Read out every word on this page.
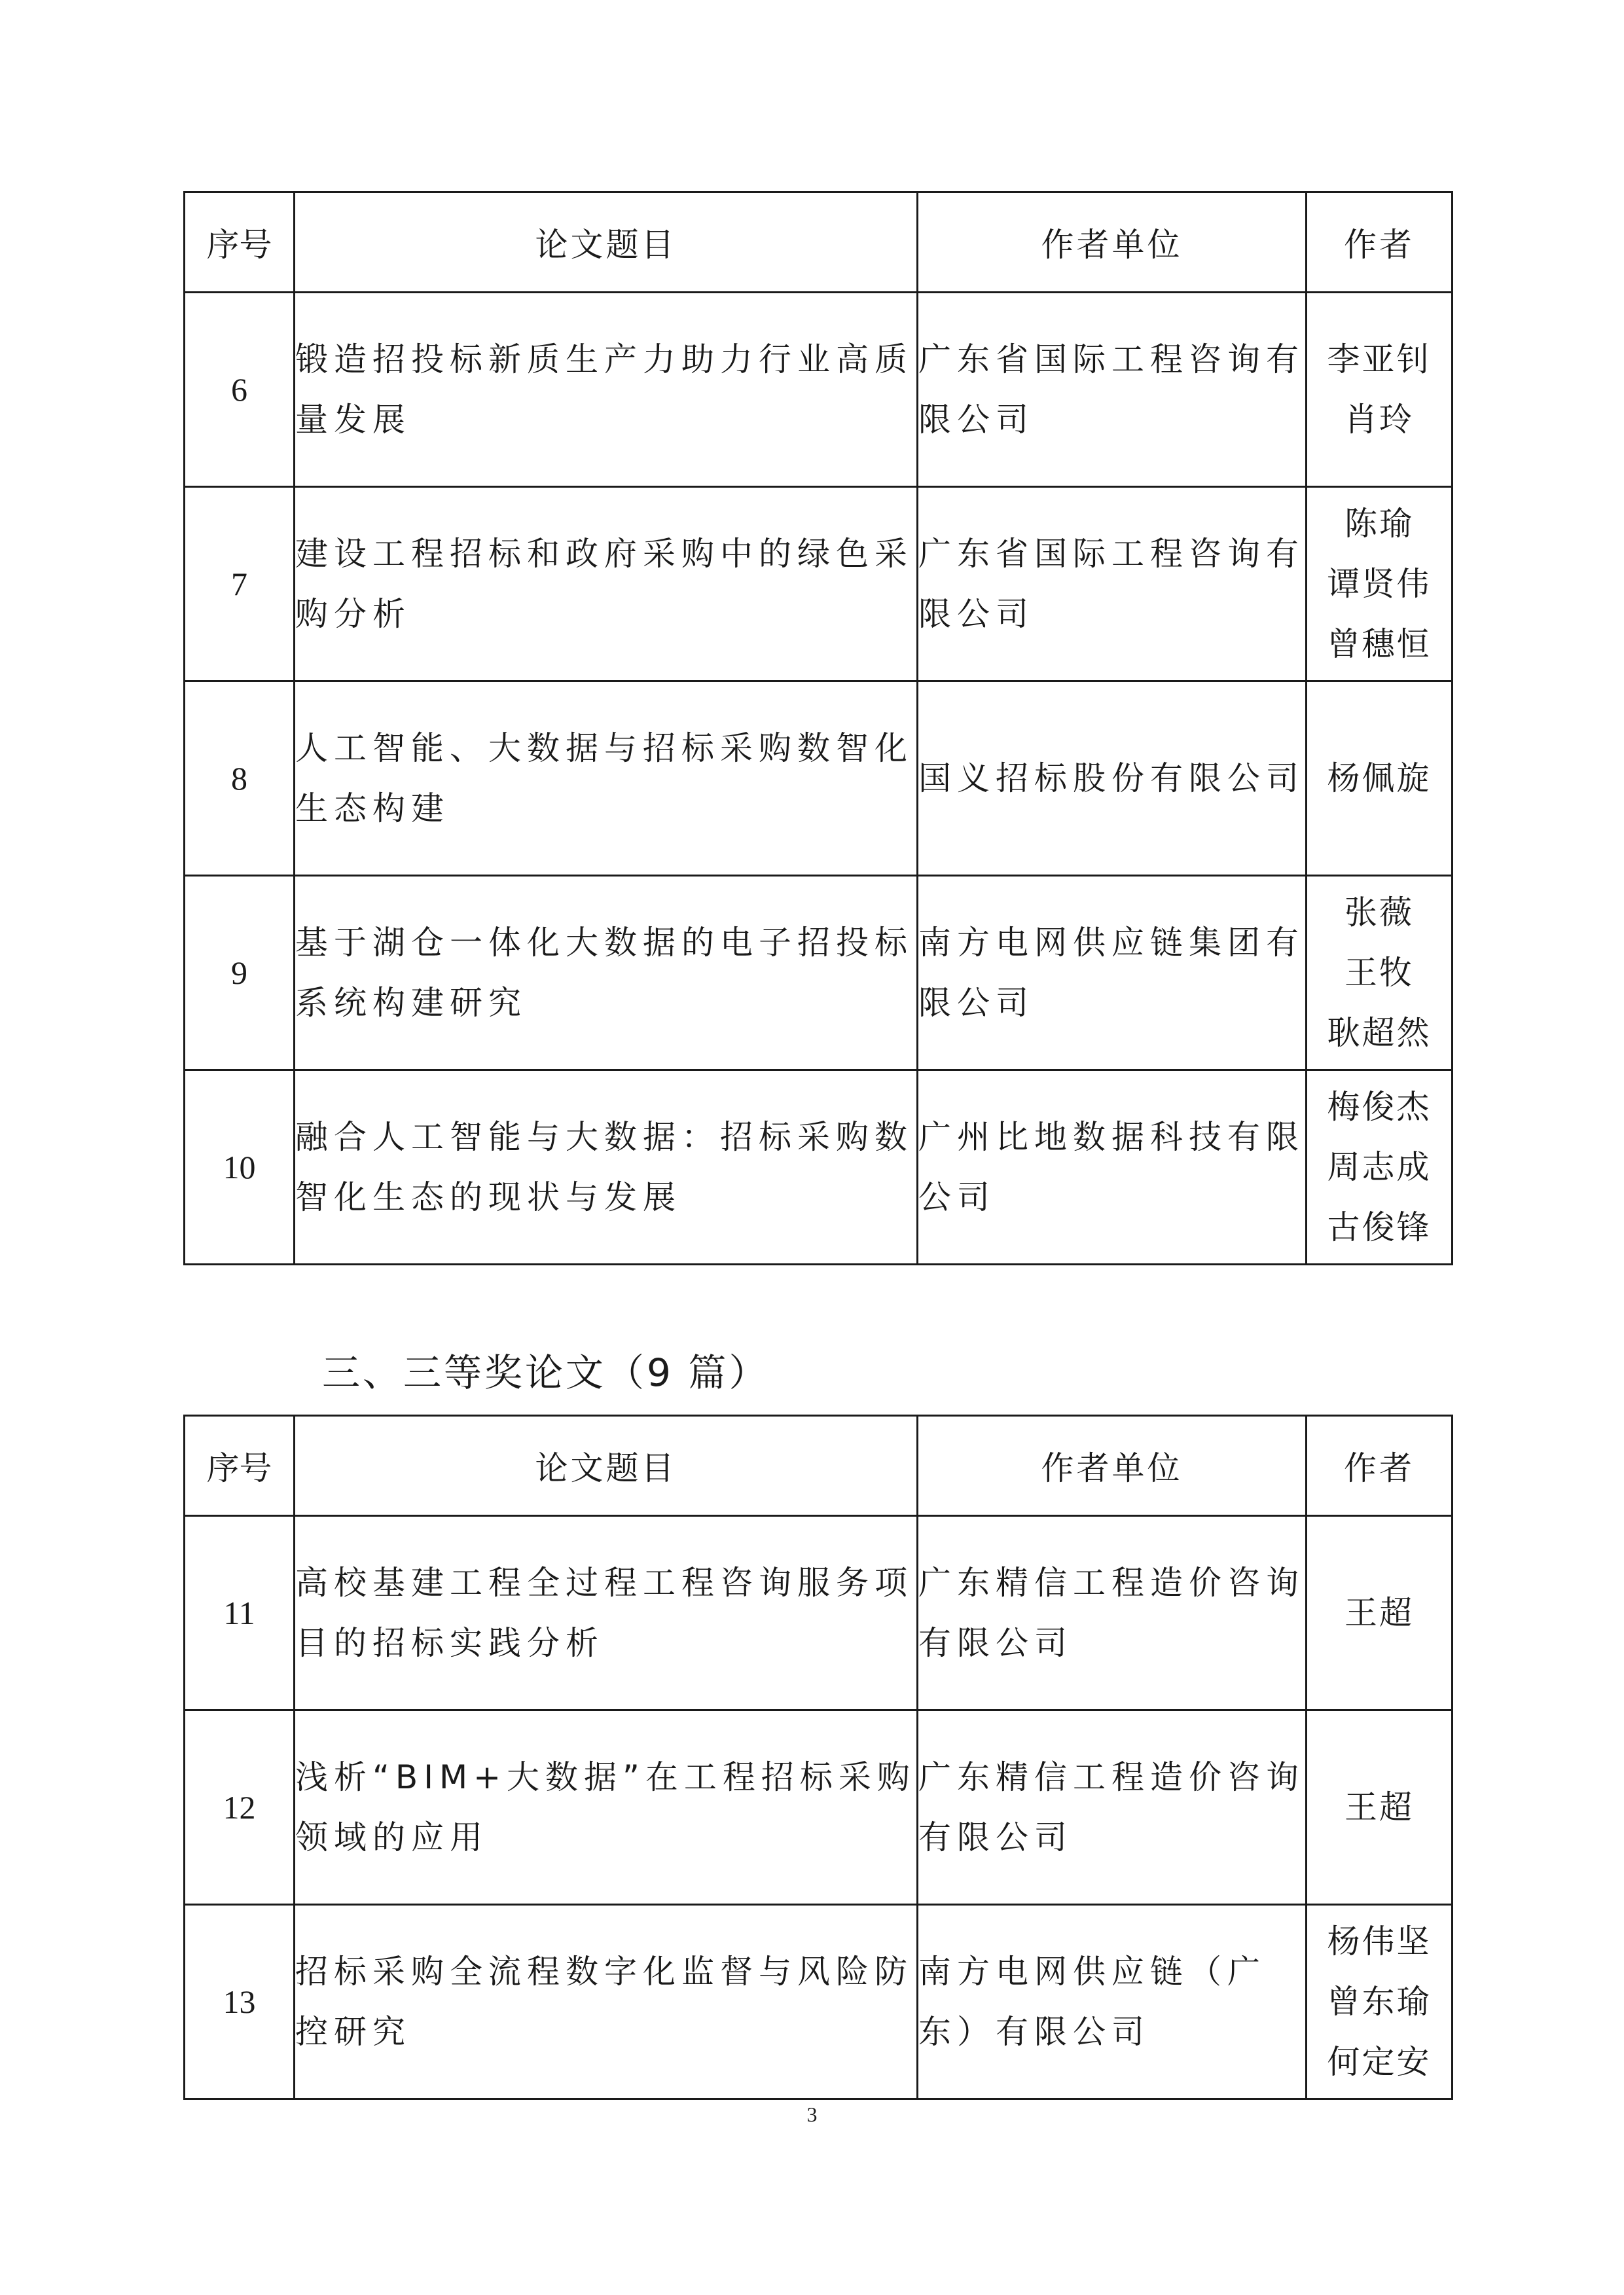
序号	论文题目	作者单位	作者
6	锻造招投标新质生产力助力行业高质量发展	广东省国际工程咨询有限公司	李亚钊
肖玲

7	建设工程招标和政府采购中的绿色采购分析	广东省国际工程咨询有限公司	陈瑜
谭贤伟
曾穗恒

8	人工智能、大数据与招标采购数智化生态构建	国义招标股份有限公司	杨佩旋

9	基于湖仓一体化大数据的电子招投标系统构建研究	南方电网供应链集团有限公司	张薇
王牧
耿超然

10	融合人工智能与大数据：招标采购数智化生态的现状与发展	广州比地数据科技有限公司	梅俊杰
周志成
古俊锋
三、三等奖论文（9 篇）
序号	论文题目	作者单位	作者
11	高校基建工程全过程工程咨询服务项目的招标实践分析	广东精信工程造价咨询有限公司	王超

12	浅析“BIM+大数据”在工程招标采购领域的应用	广东精信工程造价咨询有限公司	王超

13	招标采购全流程数字化监督与风险防控研究	南方电网供应链（广东）有限公司	杨伟坚
曾东瑜
何定安
3
